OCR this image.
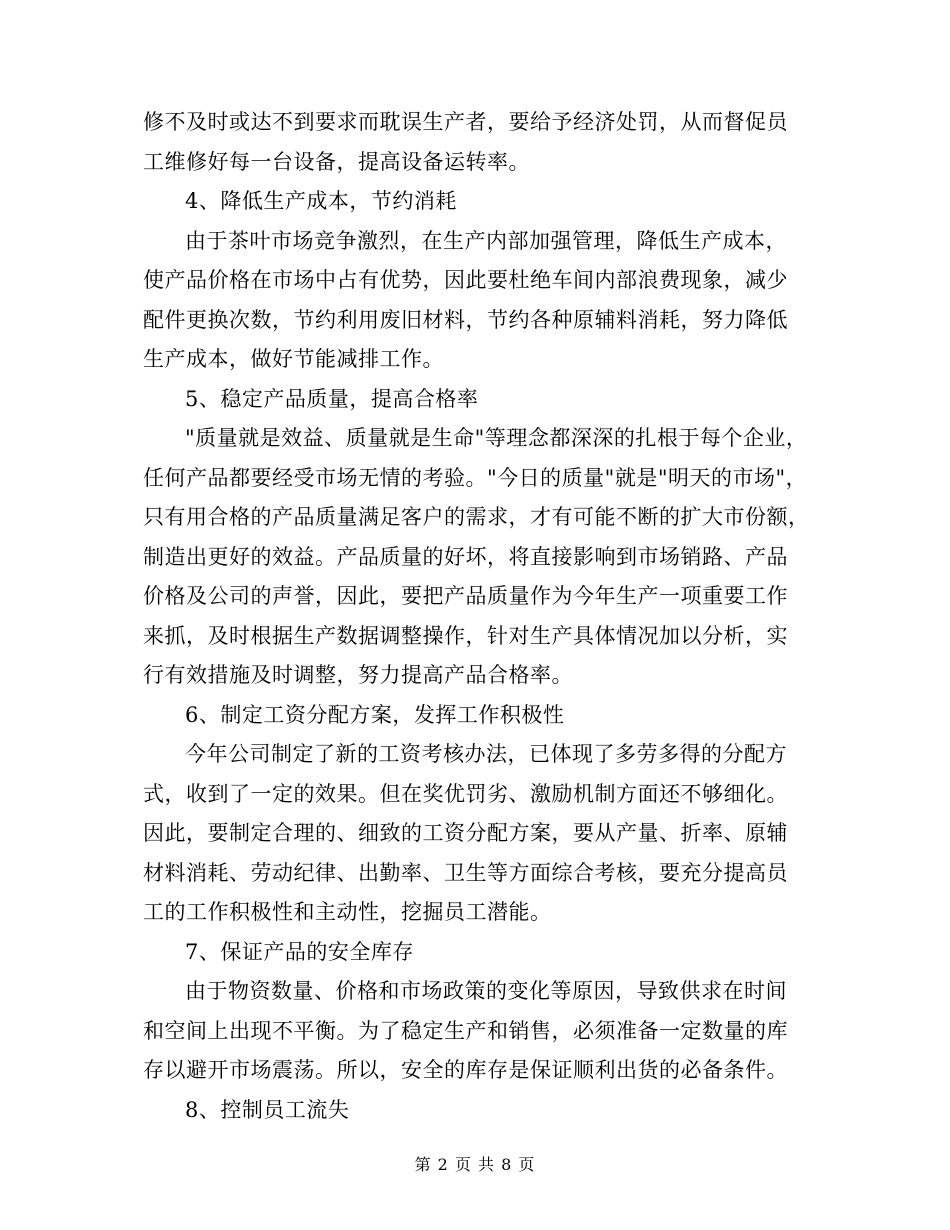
修不及时或达不到要求而耽误生产者，要给予经济处罚，从而督促员
工维修好每一台设备，提高设备运转率。
4、降低生产成本，节约消耗
由于茶叶市场竞争激烈，在生产内部加强管理，降低生产成本，
使产品价格在市场中占有优势，因此要杜绝车间内部浪费现象，减少
配件更换次数，节约利用废旧材料，节约各种原辅料消耗，努力降低
生产成本，做好节能减排工作。
5、稳定产品质量，提高合格率
"质量就是效益、质量就是生命"等理念都深深的扎根于每个企业，
任何产品都要经受市场无情的考验。"今日的质量"就是"明天的市场"，
只有用合格的产品质量满足客户的需求，才有可能不断的扩大市份额，
制造出更好的效益。产品质量的好坏，将直接影响到市场销路、产品
价格及公司的声誉，因此，要把产品质量作为今年生产一项重要工作
来抓，及时根据生产数据调整操作，针对生产具体情况加以分析，实
行有效措施及时调整，努力提高产品合格率。
6、制定工资分配方案，发挥工作积极性
今年公司制定了新的工资考核办法，已体现了多劳多得的分配方
式，收到了一定的效果。但在奖优罚劣、激励机制方面还不够细化。
因此，要制定合理的、细致的工资分配方案，要从产量、折率、原辅
材料消耗、劳动纪律、出勤率、卫生等方面综合考核，要充分提高员
工的工作积极性和主动性，挖掘员工潜能。
7、保证产品的安全库存
由于物资数量、价格和市场政策的变化等原因，导致供求在时间
和空间上出现不平衡。为了稳定生产和销售，必须准备一定数量的库
存以避开市场震荡。所以，安全的库存是保证顺利出货的必备条件。
8、控制员工流失
第 2 页 共 8 页
